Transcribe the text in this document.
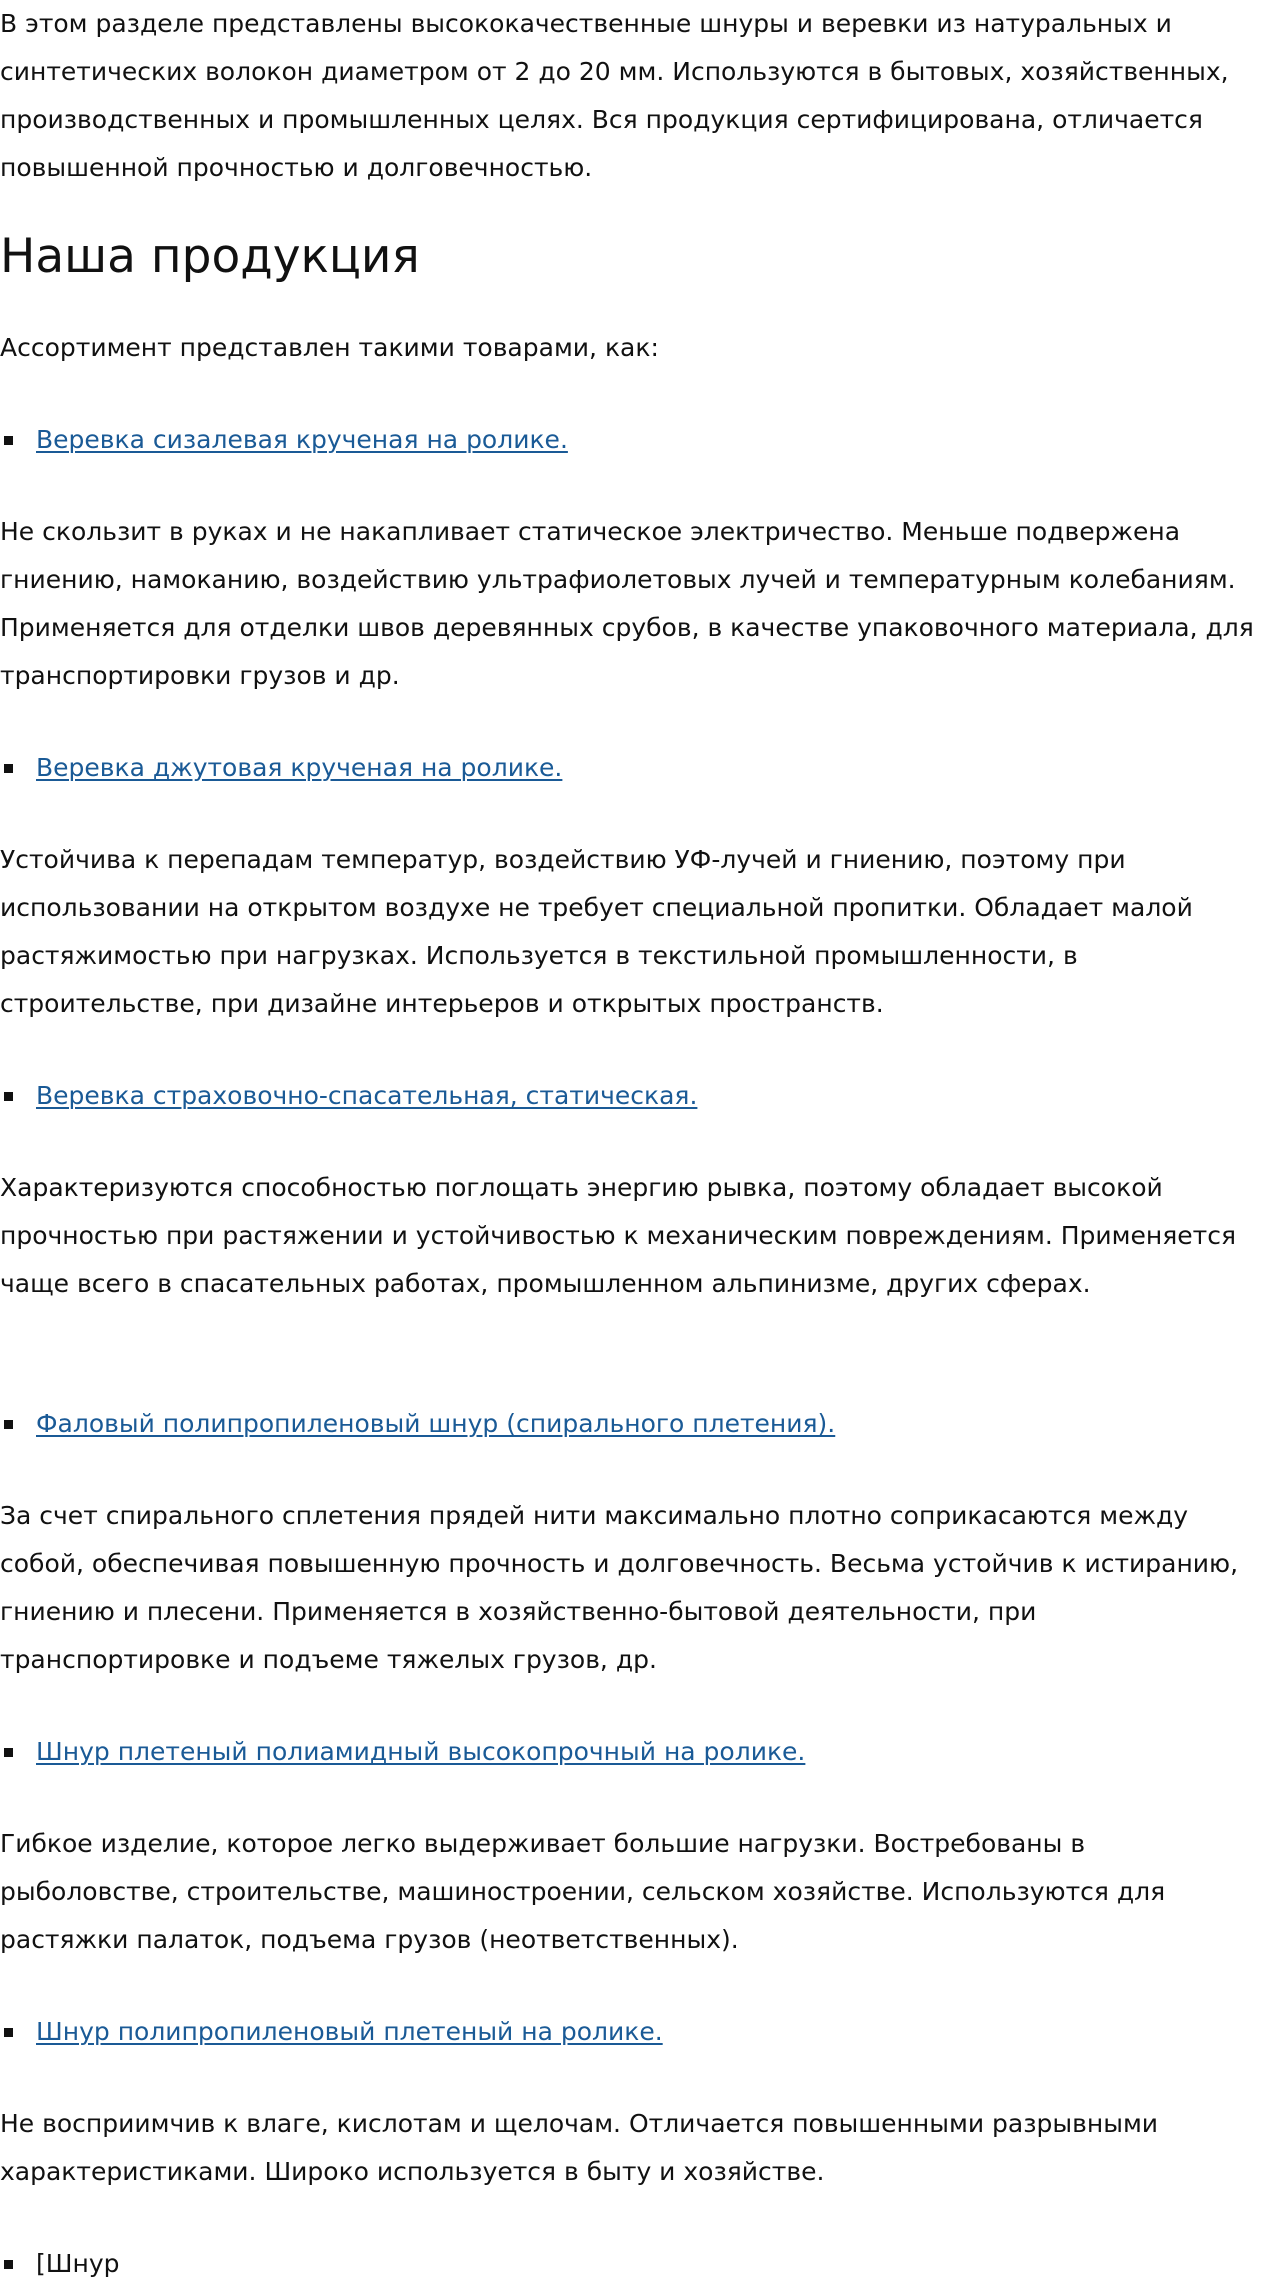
В этом разделе представлены высококачественные шнуры и веревки из натуральных и синтетических волокон диаметром от 2 до 20 мм. Используются в бытовых, хозяйственных, производственных и промышленных целях. Вся продукция сертифицирована, отличается повышенной прочностью и долговечностью.

Наша продукция

Ассортимент представлен такими товарами, как:

Веревка сизалевая крученая на ролике.

Не скользит в руках и не накапливает статическое электричество. Меньше подвержена гниению, намоканию, воздействию ультрафиолетовых лучей и температурным колебаниям. Применяется для отделки швов деревянных срубов, в качестве упаковочного материала, для транспортировки грузов и др.

Веревка джутовая крученая на ролике.

Устойчива к перепадам температур, воздействию УФ-лучей и гниению, поэтому при использовании на открытом воздухе не требует специальной пропитки. Обладает малой растяжимостью при нагрузках. Используется в текстильной промышленности, в строительстве, при дизайне интерьеров и открытых пространств.

Веревка страховочно-спасательная, статическая.

Характеризуются способностью поглощать энергию рывка, поэтому обладает высокой прочностью при растяжении и устойчивостью к механическим повреждениям. Применяется чаще всего в спасательных работах, промышленном альпинизме, других сферах.

Фаловый полипропиленовый шнур (спирального плетения).

За счет спирального сплетения прядей нити максимально плотно соприкасаются между собой, обеспечивая повышенную прочность и долговечность. Весьма устойчив к истиранию, гниению и плесени. Применяется в хозяйственно-бытовой деятельности, при транспортировке и подъеме тяжелых грузов, др.

Шнур плетеный полиамидный высокопрочный на ролике.

Гибкое изделие, которое легко выдерживает большие нагрузки. Востребованы в рыболовстве, строительстве, машиностроении, сельском хозяйстве. Используются для растяжки палаток, подъема грузов (неответственных).

Шнур полипропиленовый плетеный на ролике.

Не восприимчив к влаге, кислотам и щелочам. Отличается повышенными разрывными характеристиками. Широко используется в быту и хозяйстве.

[Шнур
